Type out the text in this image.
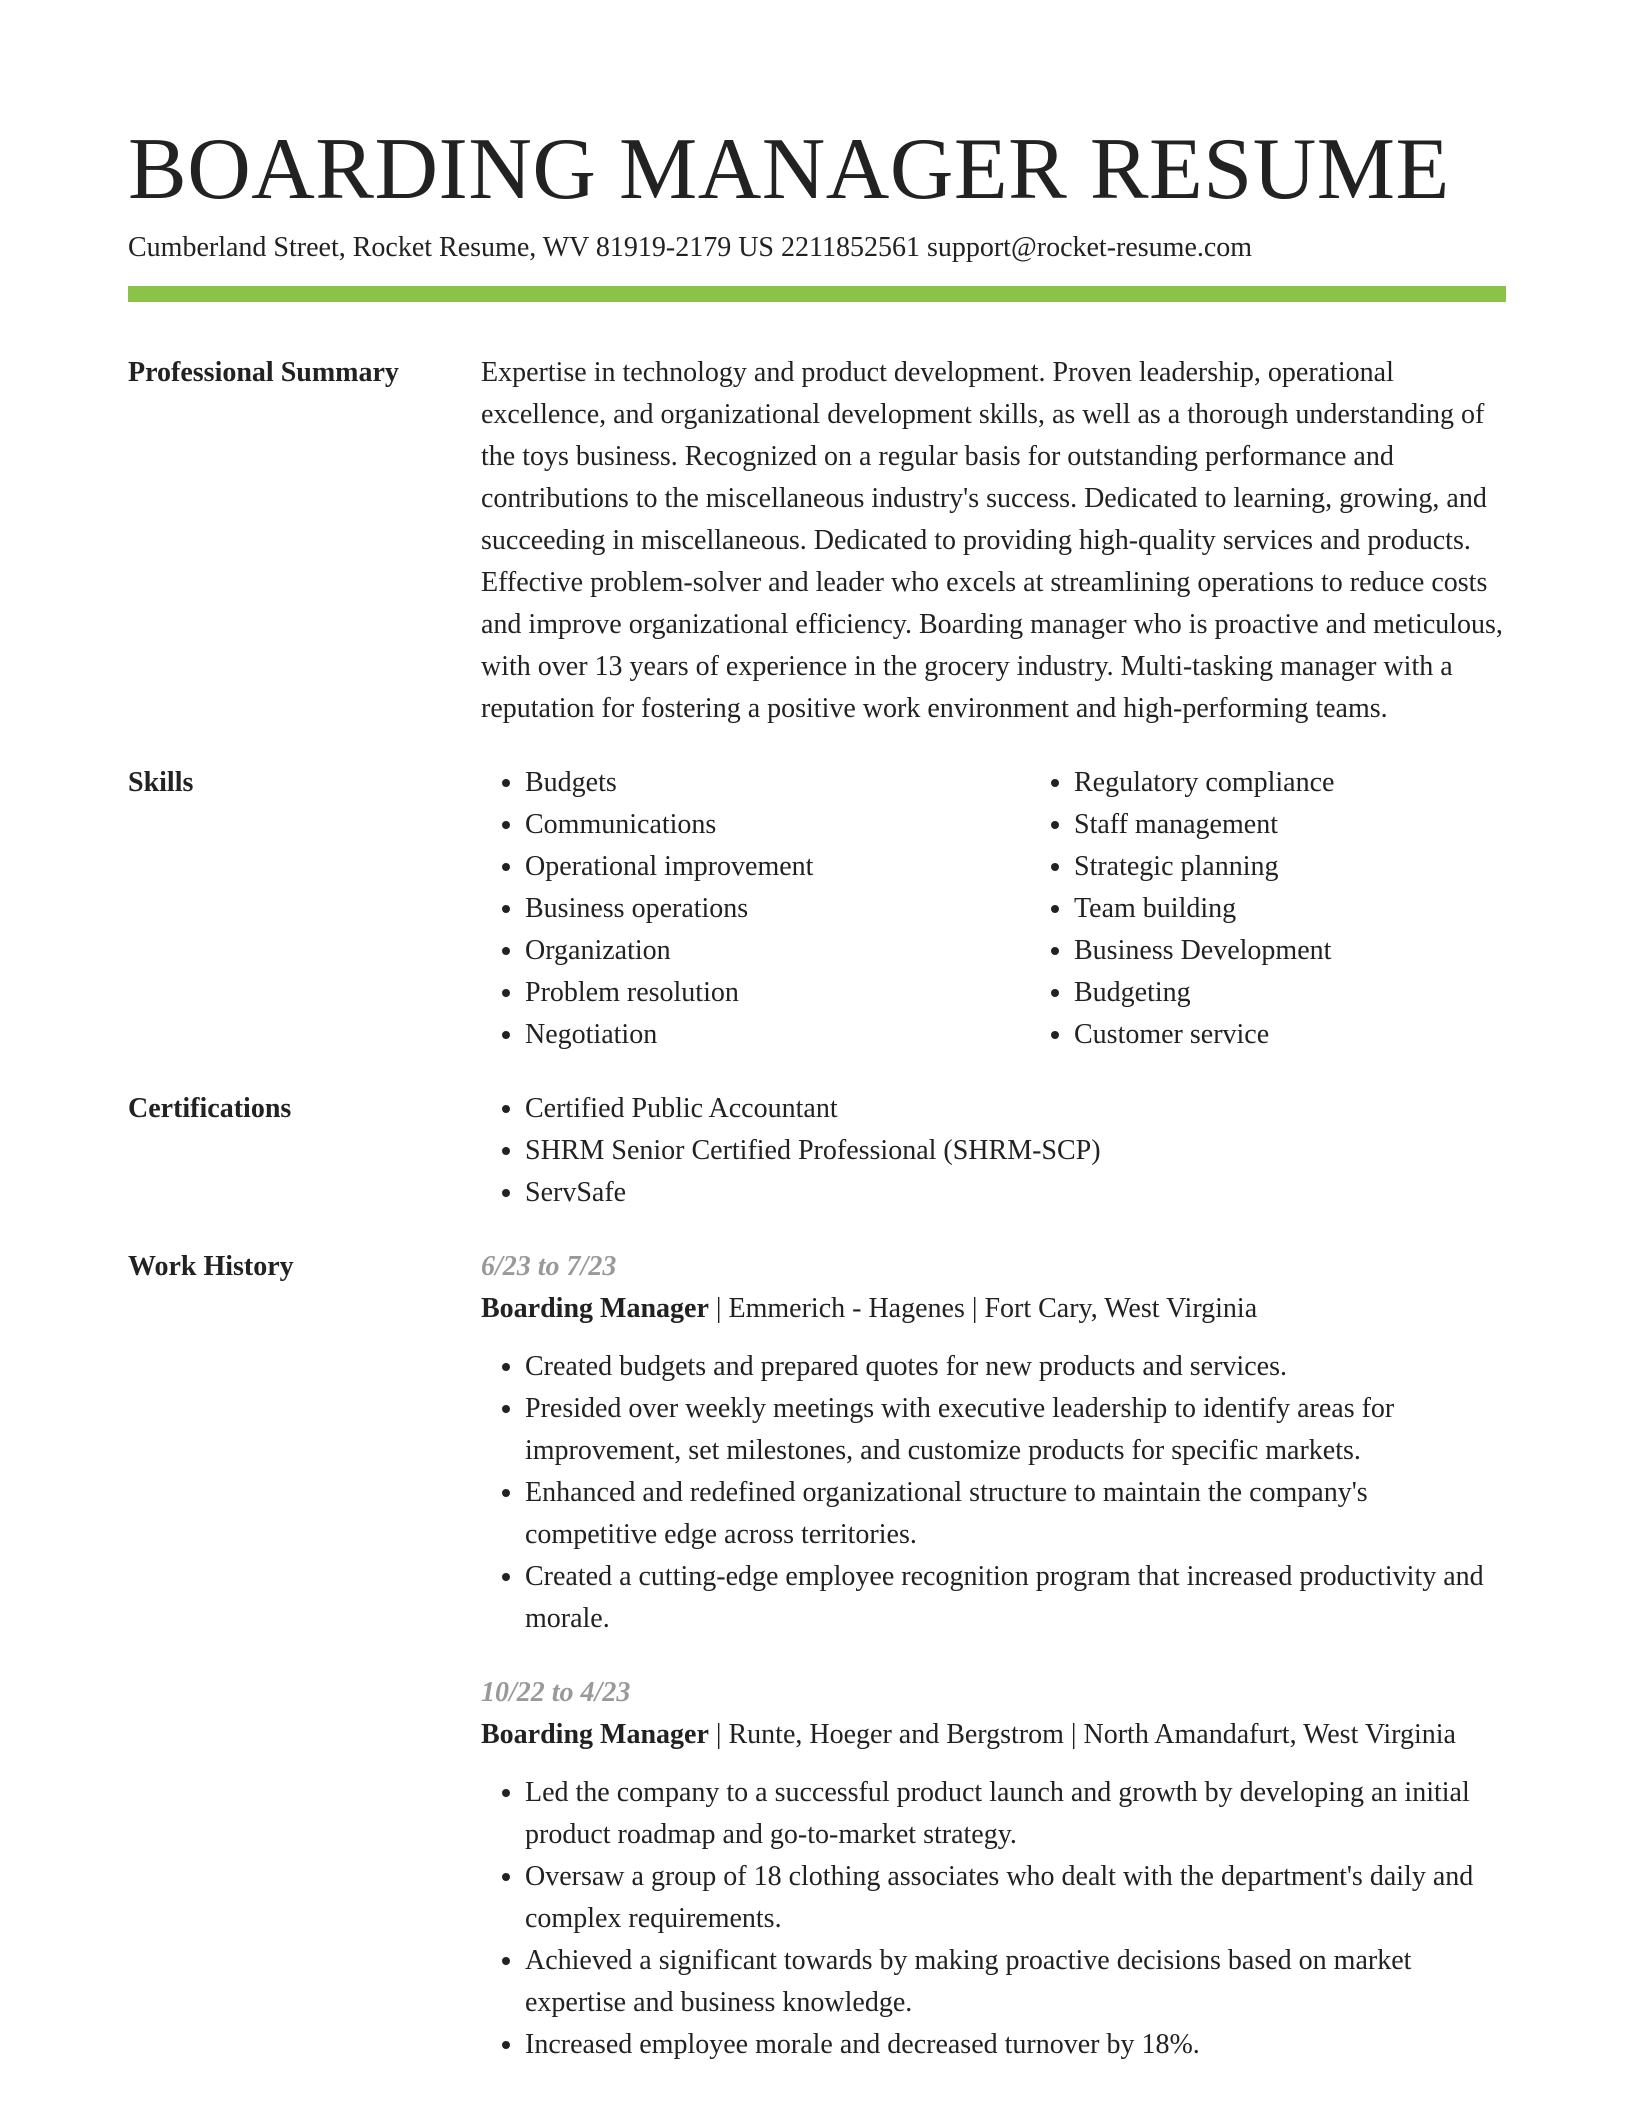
BOARDING MANAGER RESUME
Cumberland Street, Rocket Resume, WV 81919-2179 US 2211852561 support@rocket-resume.com
Professional Summary	Expertise in technology and product development. Proven leadership, operational excellence, and organizational development skills, as well as a thorough understanding of the toys business. Recognized on a regular basis for outstanding performance and contributions to the miscellaneous industry's success. Dedicated to learning, growing, and succeeding in miscellaneous. Dedicated to providing high-quality services and products. Effective problem-solver and leader who excels at streamlining operations to reduce costs and improve organizational efficiency. Boarding manager who is proactive and meticulous, with over 13 years of experience in the grocery industry. Multi-tasking manager with a reputation for fostering a positive work environment and high-performing teams.

Skills	• Budgets
• Communications
• Operational improvement
• Business operations
• Organization
• Problem resolution
• Negotiation
• Regulatory compliance
• Staff management
• Strategic planning
• Team building
• Business Development
• Budgeting
• Customer service
Certifications	• Certified Public Accountant
• SHRM Senior Certified Professional (SHRM-SCP)
• ServSafe
Work History	6/23 to 7/23
Boarding Manager | Emmerich - Hagenes | Fort Cary, West Virginia
• Created budgets and prepared quotes for new products and services.
• Presided over weekly meetings with executive leadership to identify areas for improvement, set milestones, and customize products for specific markets.
• Enhanced and redefined organizational structure to maintain the company's competitive edge across territories.
• Created a cutting-edge employee recognition program that increased productivity and morale.
10/22 to 4/23
Boarding Manager | Runte, Hoeger and Bergstrom | North Amandafurt, West Virginia
• Led the company to a successful product launch and growth by developing an initial product roadmap and go-to-market strategy.
• Oversaw a group of 18 clothing associates who dealt with the department's daily and complex requirements.
• Achieved a significant towards by making proactive decisions based on market expertise and business knowledge.
• Increased employee morale and decreased turnover by 18%.
